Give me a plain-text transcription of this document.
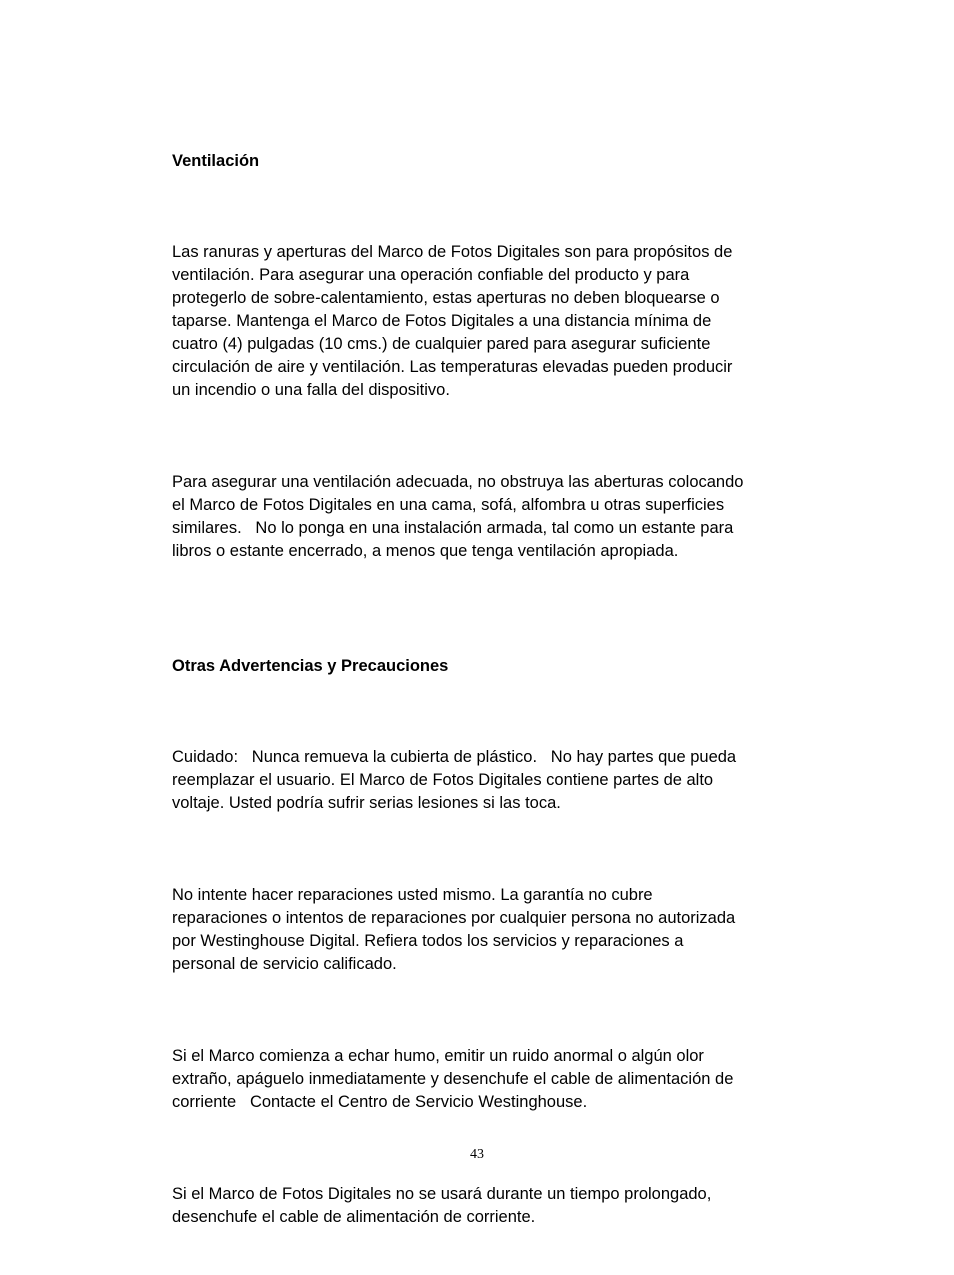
Ventilación

Las ranuras y aperturas del Marco de Fotos Digitales son para propósitos de
ventilación. Para asegurar una operación confiable del producto y para
protegerlo de sobre-calentamiento, estas aperturas no deben bloquearse o
taparse. Mantenga el Marco de Fotos Digitales a una distancia mínima de
cuatro (4) pulgadas (10 cms.) de cualquier pared para asegurar suficiente
circulación de aire y ventilación. Las temperaturas elevadas pueden producir
un incendio o una falla del dispositivo.

Para asegurar una ventilación adecuada, no obstruya las aberturas colocando
el Marco de Fotos Digitales en una cama, sofá, alfombra u otras superficies
similares.   No lo ponga en una instalación armada, tal como un estante para
libros o estante encerrado, a menos que tenga ventilación apropiada.

Otras Advertencias y Precauciones

Cuidado:   Nunca remueva la cubierta de plástico.   No hay partes que pueda
reemplazar el usuario. El Marco de Fotos Digitales contiene partes de alto
voltaje. Usted podría sufrir serias lesiones si las toca.

No intente hacer reparaciones usted mismo. La garantía no cubre
reparaciones o intentos de reparaciones por cualquier persona no autorizada
por Westinghouse Digital. Refiera todos los servicios y reparaciones a
personal de servicio calificado.

Si el Marco comienza a echar humo, emitir un ruido anormal o algún olor
extraño, apáguelo inmediatamente y desenchufe el cable de alimentación de
corriente   Contacte el Centro de Servicio Westinghouse.

Si el Marco de Fotos Digitales no se usará durante un tiempo prolongado,
desenchufe el cable de alimentación de corriente.

43
